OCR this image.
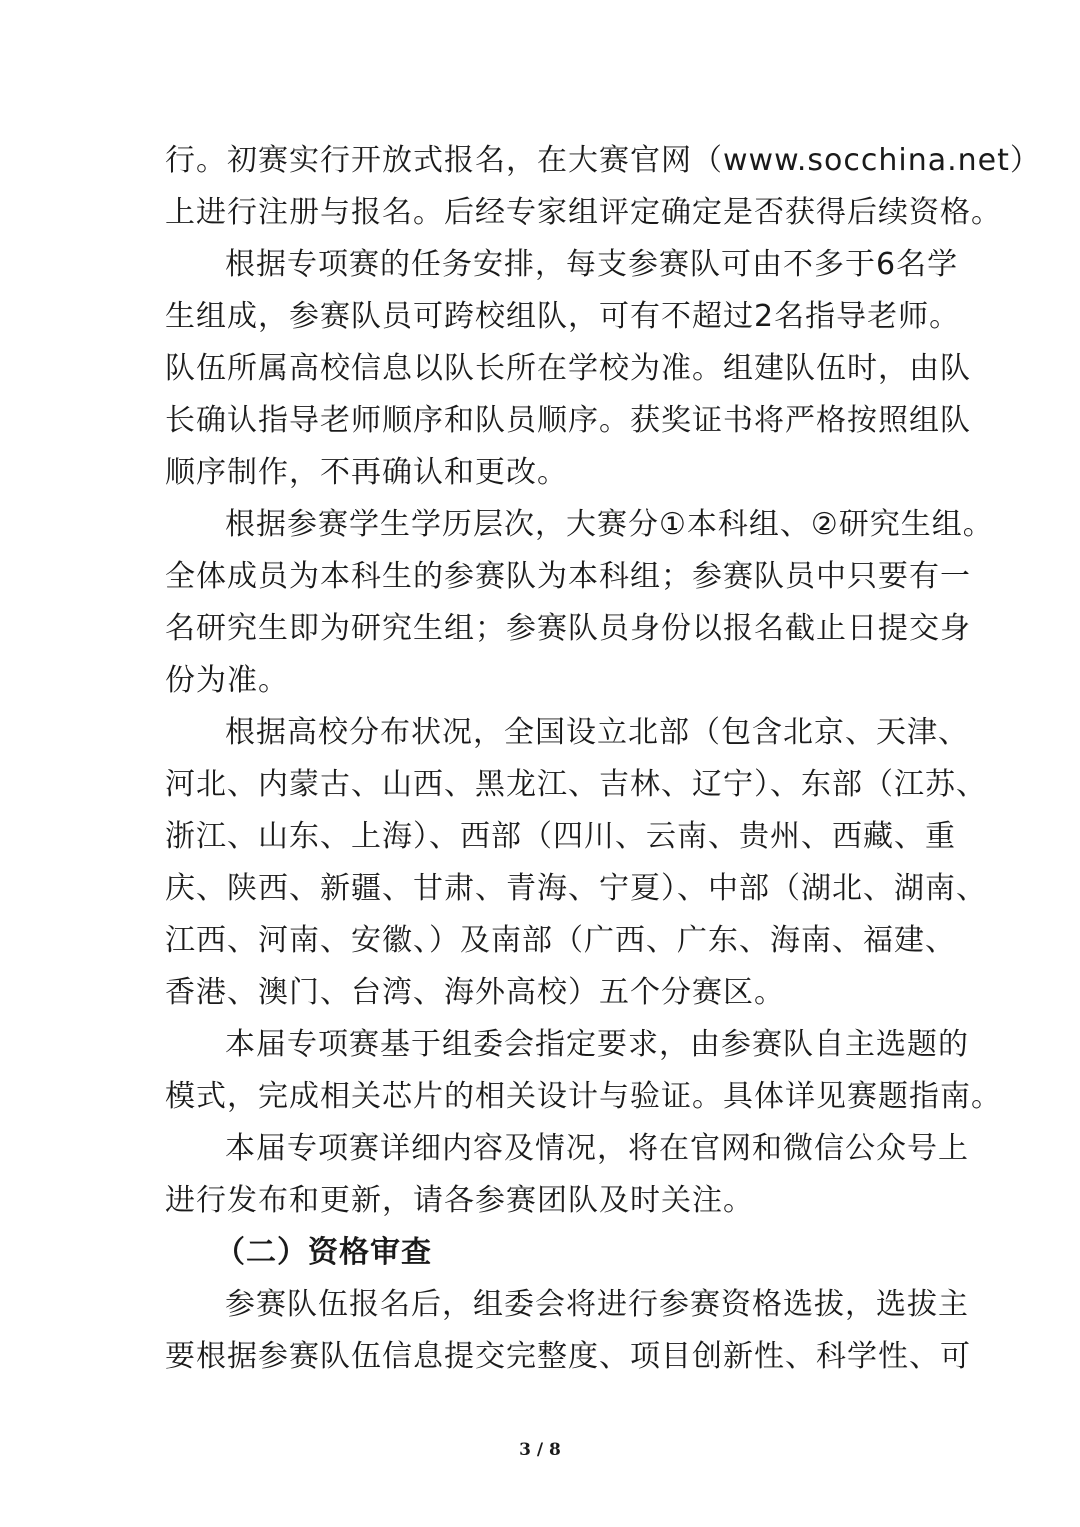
行。初赛实行开放式报名，在大赛官网（www.socchina.net）
上进行注册与报名。后经专家组评定确定是否获得后续资格。
根据专项赛的任务安排，每支参赛队可由不多于6名学
生组成，参赛队员可跨校组队，可有不超过2名指导老师。
队伍所属高校信息以队长所在学校为准。组建队伍时，由队
长确认指导老师顺序和队员顺序。获奖证书将严格按照组队
顺序制作，不再确认和更改。
根据参赛学生学历层次，大赛分①本科组、②研究生组。
全体成员为本科生的参赛队为本科组；参赛队员中只要有一
名研究生即为研究生组；参赛队员身份以报名截止日提交身
份为准。
根据高校分布状况，全国设立北部（包含北京、天津、
河北、内蒙古、山西、黑龙江、吉林、辽宁）、东部（江苏、
浙江、山东、上海）、西部（四川、云南、贵州、西藏、重
庆、陕西、新疆、甘肃、青海、宁夏）、中部（湖北、湖南、
江西、河南、安徽、）及南部（广西、广东、海南、福建、
香港、澳门、台湾、海外高校）五个分赛区。
本届专项赛基于组委会指定要求，由参赛队自主选题的
模式，完成相关芯片的相关设计与验证。具体详见赛题指南。
本届专项赛详细内容及情况，将在官网和微信公众号上
进行发布和更新，请各参赛团队及时关注。
（二）资格审查
参赛队伍报名后，组委会将进行参赛资格选拔，选拔主
要根据参赛队伍信息提交完整度、项目创新性、科学性、可
3 / 8
